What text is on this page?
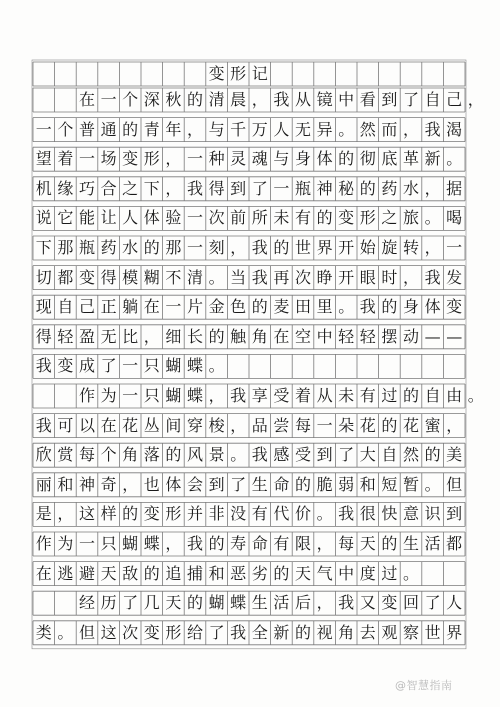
变 形 记
在 一 个 深 秋 的 清 晨 ， 我 从 镜 中 看 到 了 自 己 ，
一 个 普 通 的 青 年 ， 与 千 万 人 无 异 。 然 而 ， 我 渴
望 着 一 场 变 形 ， 一 种 灵 魂 与 身 体 的 彻 底 革 新 。
机 缘 巧 合 之 下 ， 我 得 到 了 一 瓶 神 秘 的 药 水 ， 据
说 它 能 让 人 体 验 一 次 前 所 未 有 的 变 形 之 旅 。 喝
下 那 瓶 药 水 的 那 一 刻 ， 我 的 世 界 开 始 旋 转 ， 一
切 都 变 得 模 糊 不 清 。 当 我 再 次 睁 开 眼 时 ， 我 发
现 自 己 正 躺 在 一 片 金 色 的 麦 田 里 。 我 的 身 体 变
得 轻 盈 无 比 ， 细 长 的 触 角 在 空 中 轻 轻 摆 动 — —
我 变 成 了 一 只 蝴 蝶 。
作 为 一 只 蝴 蝶 ， 我 享 受 着 从 未 有 过 的 自 由 。
我 可 以 在 花 丛 间 穿 梭 ， 品 尝 每 一 朵 花 的 花 蜜 ，
欣 赏 每 个 角 落 的 风 景 。 我 感 受 到 了 大 自 然 的 美
丽 和 神 奇 ， 也 体 会 到 了 生 命 的 脆 弱 和 短 暂 。 但
是 ， 这 样 的 变 形 并 非 没 有 代 价 。 我 很 快 意 识 到
作 为 一 只 蝴 蝶 ， 我 的 寿 命 有 限 ， 每 天 的 生 活 都
在 逃 避 天 敌 的 追 捕 和 恶 劣 的 天 气 中 度 过 。
经 历 了 几 天 的 蝴 蝶 生 活 后 ， 我 又 变 回 了 人
类 。 但 这 次 变 形 给 了 我 全 新 的 视 角 去 观 察 世 界
@智慧指南
